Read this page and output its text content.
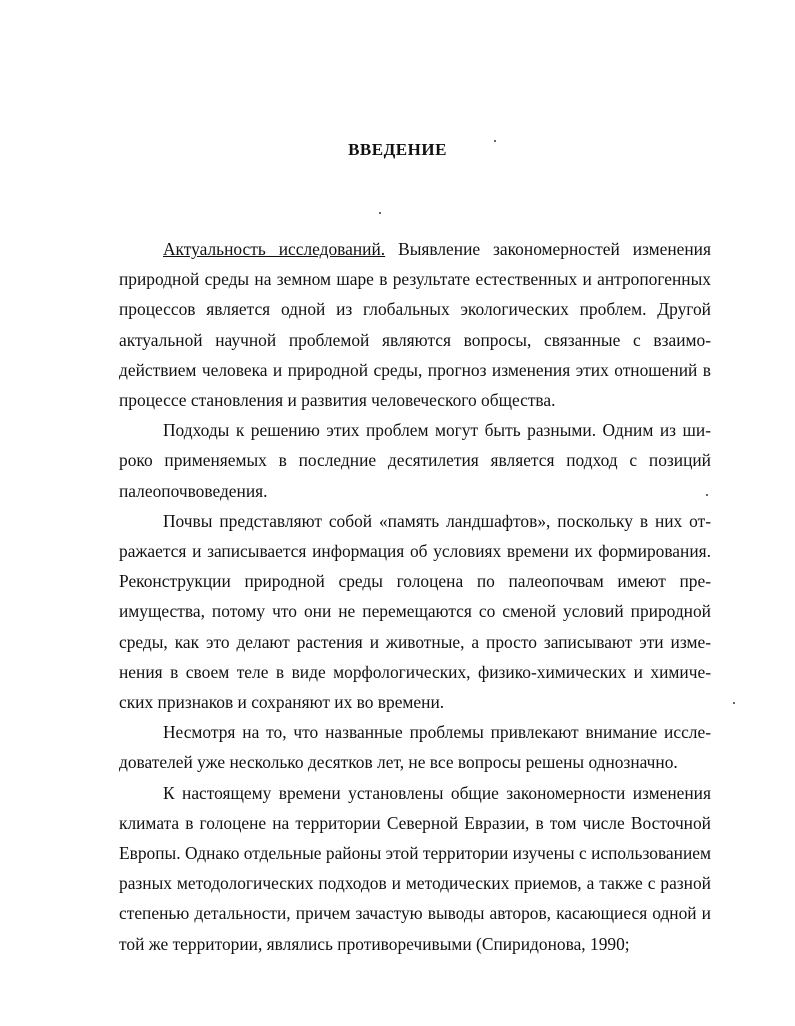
ВВЕДЕНИЕ

Актуальность исследований. Выявление закономерностей изменения природной среды на земном шаре в результате естественных и антропогенных процессов является одной из глобальных экологических проблем. Другой актуальной научной проблемой являются вопросы, связанные с взаимодействием человека и природной среды, прогноз изменения этих отношений в процессе становления и развития человеческого общества.

Подходы к решению этих проблем могут быть разными. Одним из широко применяемых в последние десятилетия является подход с позиций палеопочвоведения.

Почвы представляют собой «память ландшафтов», поскольку в них отражается и записывается информация об условиях времени их формирования. Реконструкции природной среды голоцена по палеопочвам имеют преимущества, потому что они не перемещаются со сменой условий природной среды, как это делают растения и животные, а просто записывают эти изменения в своем теле в виде морфологических, физико-химических и химических признаков и сохраняют их во времени.

Несмотря на то, что названные проблемы привлекают внимание исследователей уже несколько десятков лет, не все вопросы решены однозначно.

К настоящему времени установлены общие закономерности изменения климата в голоцене на территории Северной Евразии, в том числе Восточной Европы. Однако отдельные районы этой территории изучены с использованием разных методологических подходов и методических приемов, а также с разной степенью детальности, причем зачастую выводы авторов, касающиеся одной и той же территории, являлись противоречивыми (Спиридонова, 1990;
